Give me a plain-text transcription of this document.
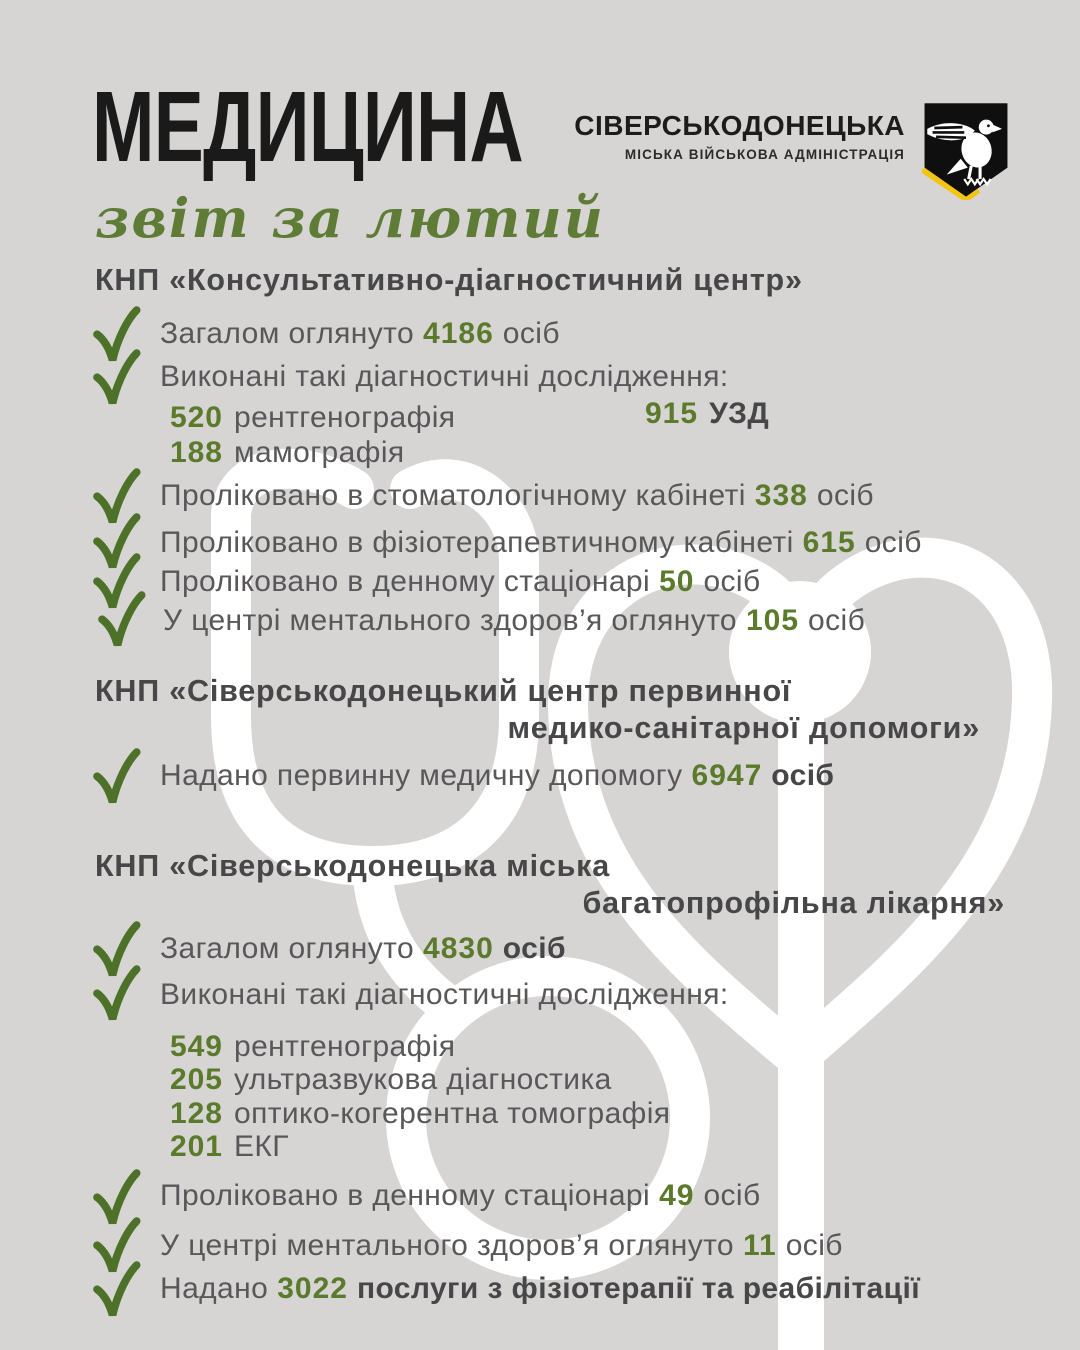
МЕДИЦИНА
звіт за лютий
СІВЕРСЬКОДОНЕЦЬКА
МІСЬКА ВІЙСЬКОВА АДМІНІСТРАЦІЯ
КНП «Консультативно-діагностичний центр»
Загалом оглянуто 4186 осіб
Виконані такі діагностичні дослідження:
520 рентгенографія	915 УЗД
188 мамографія
Проліковано в стоматологічному кабінеті 338 осіб
Проліковано в фізіотерапевтичному кабінеті 615 осіб
Проліковано в денному стаціонарі 50 осіб
У центрі ментального здоров’я оглянуто 105 осіб
КНП «Сіверськодонецький центр первинної
медико-санітарної допомоги»
Надано первинну медичну допомогу 6947 осіб
КНП «Сіверськодонецька міська
багатопрофільна лікарня»
Загалом оглянуто 4830 осіб
Виконані такі діагностичні дослідження:
549 рентгенографія
205 ультразвукова діагностика
128 оптико-когерентна томографія
201 ЕКГ
Проліковано в денному стаціонарі 49 осіб
У центрі ментального здоров’я оглянуто 11 осіб
Надано 3022 послуги з фізіотерапії та реабілітації
